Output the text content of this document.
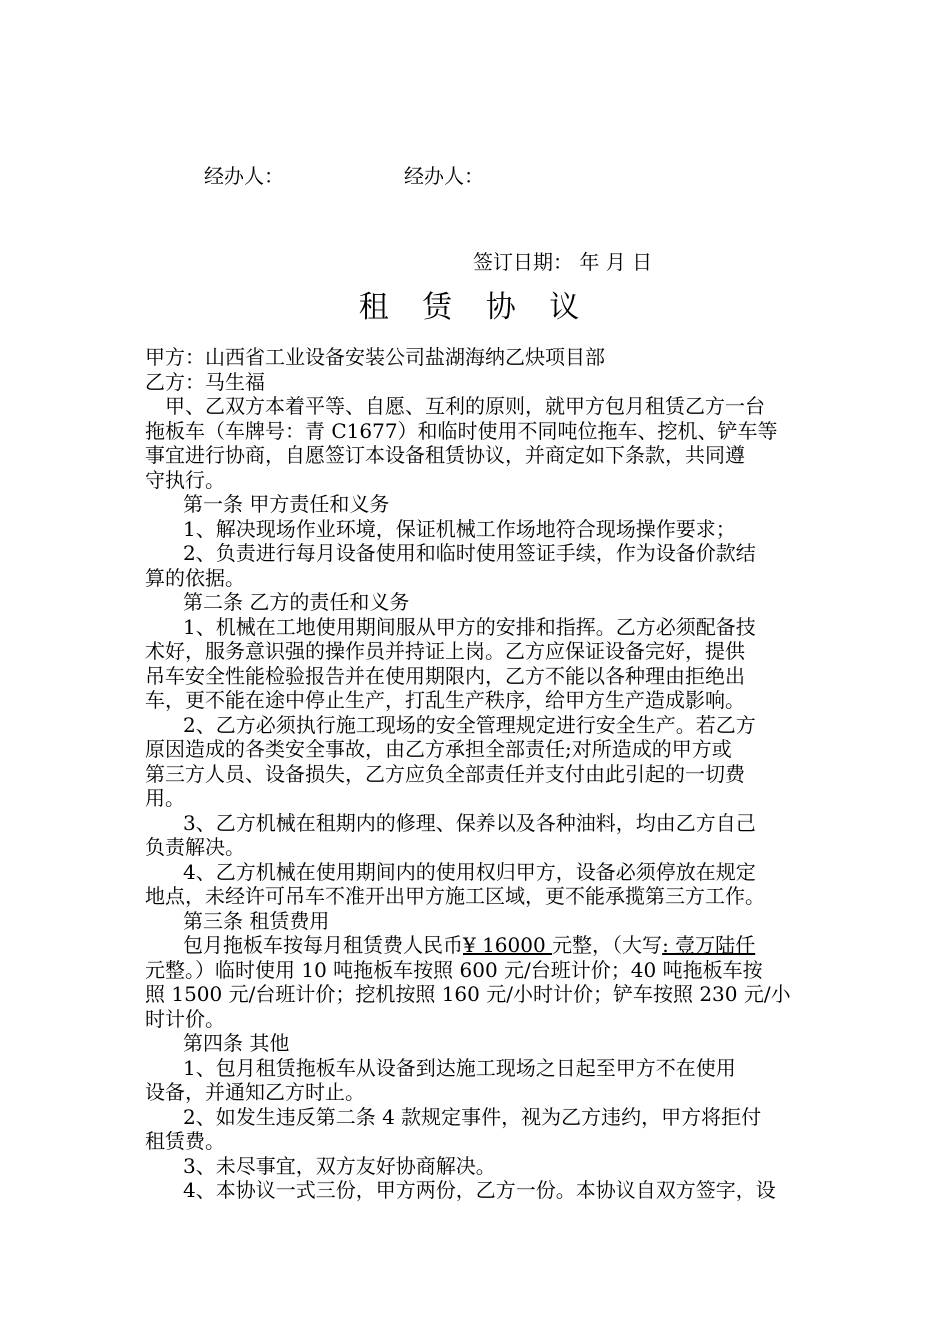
经办人：	经办人：
签订日期： 年 月 日
租 赁 协 议

甲方：山西省工业设备安装公司盐湖海纳乙炔项目部

乙方：马生福

甲、乙双方本着平等、自愿、互利的原则，就甲方包月租赁乙方一台

拖板车（车牌号：青 C1677）和临时使用不同吨位拖车、挖机、铲车等

事宜进行协商，自愿签订本设备租赁协议，并商定如下条款，共同遵

守执行。

第一条 甲方责任和义务

1、解决现场作业环境，保证机械工作场地符合现场操作要求；

2、负责进行每月设备使用和临时使用签证手续，作为设备价款结

算的依据。

第二条 乙方的责任和义务

1、机械在工地使用期间服从甲方的安排和指挥。乙方必须配备技

术好，服务意识强的操作员并持证上岗。乙方应保证设备完好，提供

吊车安全性能检验报告并在使用期限内，乙方不能以各种理由拒绝出

车，更不能在途中停止生产，打乱生产秩序，给甲方生产造成影响。

2、乙方必须执行施工现场的安全管理规定进行安全生产。若乙方

原因造成的各类安全事故，由乙方承担全部责任;对所造成的甲方或

第三方人员、设备损失，乙方应负全部责任并支付由此引起的一切费

用。

3、乙方机械在租期内的修理、保养以及各种油料，均由乙方自己

负责解决。

4、乙方机械在使用期间内的使用权归甲方，设备必须停放在规定

地点，未经许可吊车不准开出甲方施工区域，更不能承揽第三方工作。

第三条 租赁费用

包月拖板车按每月租赁费人民币¥ 16000 元整，（大写: 壹万陆仟

元整。）临时使用 10 吨拖板车按照 600 元/台班计价；40 吨拖板车按

照 1500 元/台班计价；挖机按照 160 元/小时计价；铲车按照 230 元/小

时计价。

第四条 其他

1、包月租赁拖板车从设备到达施工现场之日起至甲方不在使用

设备，并通知乙方时止。

2、如发生违反第二条 4 款规定事件，视为乙方违约，甲方将拒付

租赁费。

3、未尽事宜，双方友好协商解决。

4、本协议一式三份，甲方两份，乙方一份。本协议自双方签字，设
